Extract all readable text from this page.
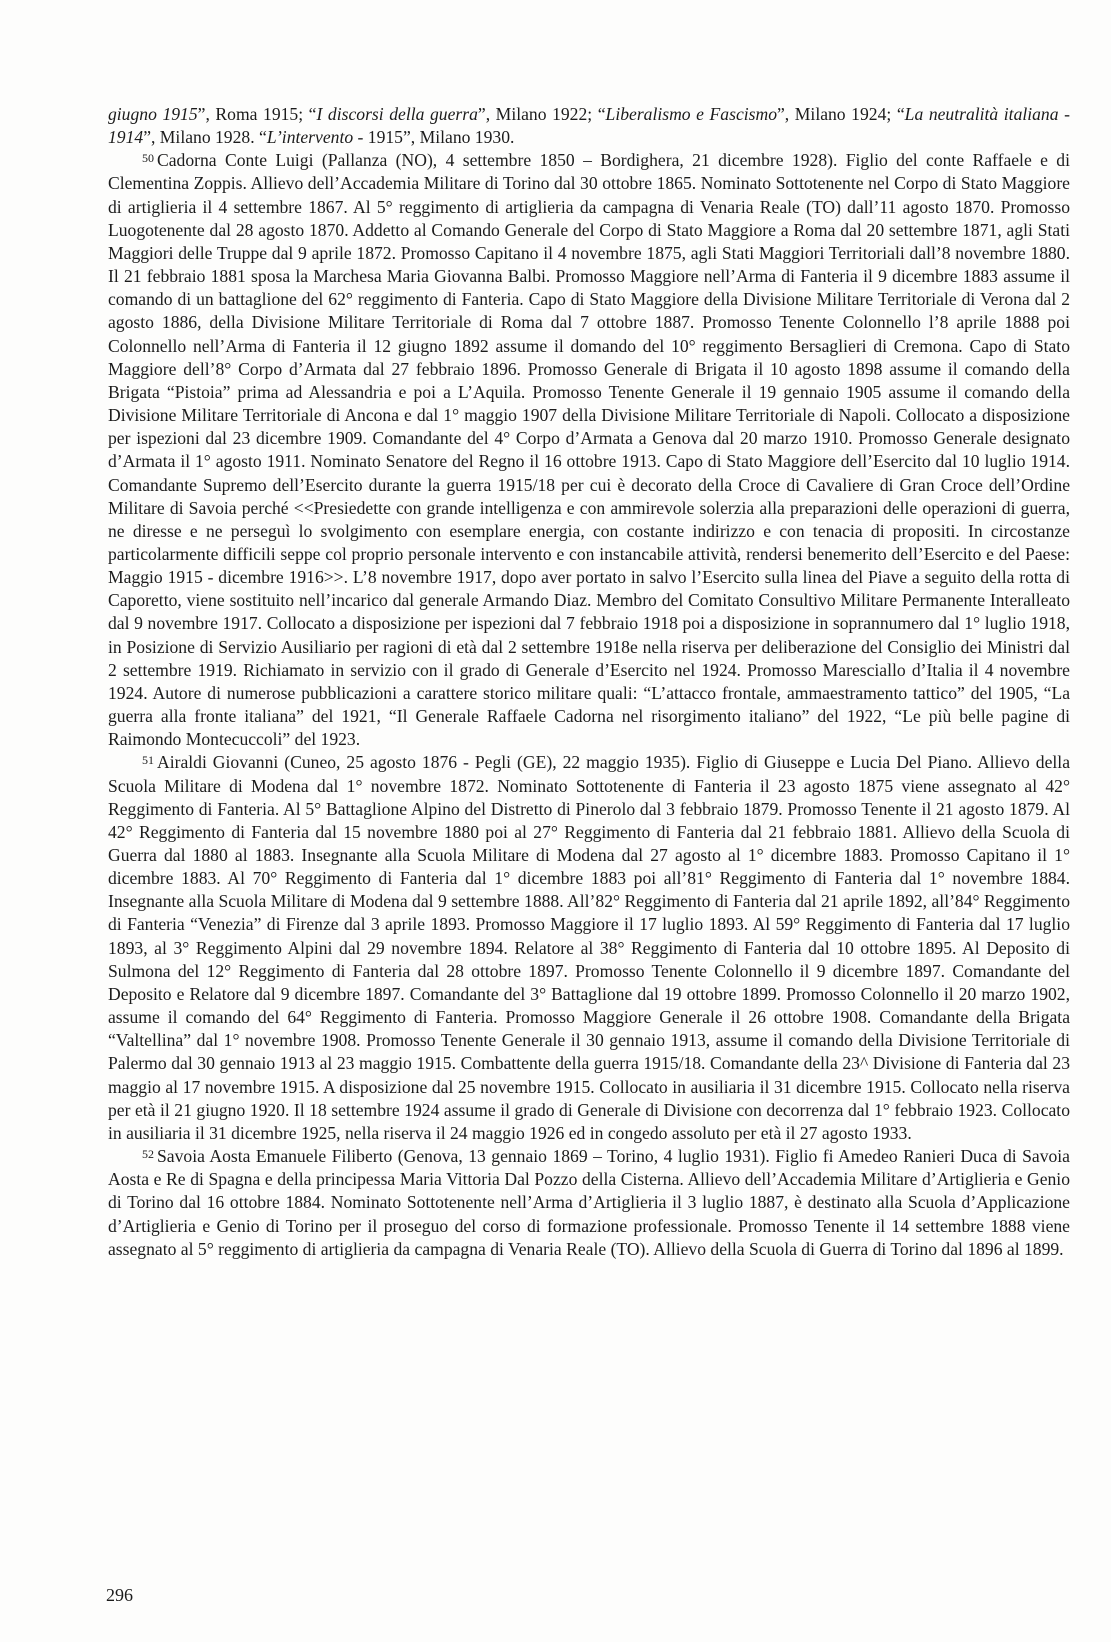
giugno 1915”, Roma 1915; “I discorsi della guerra”, Milano 1922; “Liberalismo e Fascismo”, Milano 1924; “La neutralità italiana - 1914”, Milano 1928. “L’intervento - 1915”, Milano 1930.

$^{50}$ Cadorna Conte Luigi (Pallanza (NO), 4 settembre 1850 – Bordighera, 21 dicembre 1928). Figlio del conte Raffaele e di Clementina Zoppis. Allievo dell’Accademia Militare di Torino dal 30 ottobre 1865. Nominato Sottotenente nel Corpo di Stato Maggiore di artiglieria il 4 settembre 1867. Al 5° reggimento di artiglieria da campagna di Venaria Reale (TO) dall’11 agosto 1870. Promosso Luogotenente dal 28 agosto 1870. Addetto al Comando Generale del Corpo di Stato Maggiore a Roma dal 20 settembre 1871, agli Stati Maggiori delle Truppe dal 9 aprile 1872. Promosso Capitano il 4 novembre 1875, agli Stati Maggiori Territoriali dall’8 novembre 1880. Il 21 febbraio 1881 sposa la Marchesa Maria Giovanna Balbi. Promosso Maggiore nell’Arma di Fanteria il 9 dicembre 1883 assume il comando di un battaglione del 62° reggimento di Fanteria. Capo di Stato Maggiore della Divisione Militare Territoriale di Verona dal 2 agosto 1886, della Divisione Militare Territoriale di Roma dal 7 ottobre 1887. Promosso Tenente Colonnello l’8 aprile 1888 poi Colonnello nell’Arma di Fanteria il 12 giugno 1892 assume il domando del 10° reggimento Bersaglieri di Cremona. Capo di Stato Maggiore dell’8° Corpo d’Armata dal 27 febbraio 1896. Promosso Generale di Brigata il 10 agosto 1898 assume il comando della Brigata “Pistoia” prima ad Alessandria e poi a L’Aquila. Promosso Tenente Generale il 19 gennaio 1905 assume il comando della Divisione Militare Territoriale di Ancona e dal 1° maggio 1907 della Divisione Militare Territoriale di Napoli. Collocato a disposizione per ispezioni dal 23 dicembre 1909. Comandante del 4° Corpo d’Armata a Genova dal 20 marzo 1910. Promosso Generale designato d’Armata il 1° agosto 1911. Nominato Senatore del Regno il 16 ottobre 1913. Capo di Stato Maggiore dell’Esercito dal 10 luglio 1914. Comandante Supremo dell’Esercito durante la guerra 1915/18 per cui è decorato della Croce di Cavaliere di Gran Croce dell’Ordine Militare di Savoia perché <<Presiedette con grande intelligenza e con ammirevole solerzia alla preparazioni delle operazioni di guerra, ne diresse e ne perseguì lo svolgimento con esemplare energia, con costante indirizzo e con tenacia di propositi. In circostanze particolarmente difficili seppe col proprio personale intervento e con instancabile attività, rendersi benemerito dell’Esercito e del Paese: Maggio 1915 - dicembre 1916>>. L’8 novembre 1917, dopo aver portato in salvo l’Esercito sulla linea del Piave a seguito della rotta di Caporetto, viene sostituito nell’incarico dal generale Armando Diaz. Membro del Comitato Consultivo Militare Permanente Interalleato dal 9 novembre 1917. Collocato a disposizione per ispezioni dal 7 febbraio 1918 poi a disposizione in soprannumero dal 1° luglio 1918, in Posizione di Servizio Ausiliario per ragioni di età dal 2 settembre 1918e nella riserva per deliberazione del Consiglio dei Ministri dal 2 settembre 1919. Richiamato in servizio con il grado di Generale d’Esercito nel 1924. Promosso Maresciallo d’Italia il 4 novembre 1924. Autore di numerose pubblicazioni a carattere storico militare quali: “L’attacco frontale, ammaestramento tattico” del 1905, “La guerra alla fronte italiana” del 1921, “Il Generale Raffaele Cadorna nel risorgimento italiano” del 1922, “Le più belle pagine di Raimondo Montecuccoli” del 1923.

$^{51}$ Airaldi Giovanni (Cuneo, 25 agosto 1876 - Pegli (GE), 22 maggio 1935). Figlio di Giuseppe e Lucia Del Piano. Allievo della Scuola Militare di Modena dal 1° novembre 1872. Nominato Sottotenente di Fanteria il 23 agosto 1875 viene assegnato al 42° Reggimento di Fanteria. Al 5° Battaglione Alpino del Distretto di Pinerolo dal 3 febbraio 1879. Promosso Tenente il 21 agosto 1879. Al 42° Reggimento di Fanteria dal 15 novembre 1880 poi al 27° Reggimento di Fanteria dal 21 febbraio 1881. Allievo della Scuola di Guerra dal 1880 al 1883. Insegnante alla Scuola Militare di Modena dal 27 agosto al 1° dicembre 1883. Promosso Capitano il 1° dicembre 1883. Al 70° Reggimento di Fanteria dal 1° dicembre 1883 poi all’81° Reggimento di Fanteria dal 1° novembre 1884. Insegnante alla Scuola Militare di Modena dal 9 settembre 1888. All’82° Reggimento di Fanteria dal 21 aprile 1892, all’84° Reggimento di Fanteria “Venezia” di Firenze dal 3 aprile 1893. Promosso Maggiore il 17 luglio 1893. Al 59° Reggimento di Fanteria dal 17 luglio 1893, al 3° Reggimento Alpini dal 29 novembre 1894. Relatore al 38° Reggimento di Fanteria dal 10 ottobre 1895. Al Deposito di Sulmona del 12° Reggimento di Fanteria dal 28 ottobre 1897. Promosso Tenente Colonnello il 9 dicembre 1897. Comandante del Deposito e Relatore dal 9 dicembre 1897. Comandante del 3° Battaglione dal 19 ottobre 1899. Promosso Colonnello il 20 marzo 1902, assume il comando del 64° Reggimento di Fanteria. Promosso Maggiore Generale il 26 ottobre 1908. Comandante della Brigata “Valtellina” dal 1° novembre 1908. Promosso Tenente Generale il 30 gennaio 1913, assume il comando della Divisione Territoriale di Palermo dal 30 gennaio 1913 al 23 maggio 1915. Combattente della guerra 1915/18. Comandante della 23^ Divisione di Fanteria dal 23 maggio al 17 novembre 1915. A disposizione dal 25 novembre 1915. Collocato in ausiliaria il 31 dicembre 1915. Collocato nella riserva per età il 21 giugno 1920. Il 18 settembre 1924 assume il grado di Generale di Divisione con decorrenza dal 1° febbraio 1923. Collocato in ausiliaria il 31 dicembre 1925, nella riserva il 24 maggio 1926 ed in congedo assoluto per età il 27 agosto 1933.

$^{52}$ Savoia Aosta Emanuele Filiberto (Genova, 13 gennaio 1869 – Torino, 4 luglio 1931). Figlio fi Amedeo Ranieri Duca di Savoia Aosta e Re di Spagna e della principessa Maria Vittoria Dal Pozzo della Cisterna. Allievo dell’Accademia Militare d’Artiglieria e Genio di Torino dal 16 ottobre 1884. Nominato Sottotenente nell’Arma d’Artiglieria il 3 luglio 1887, è destinato alla Scuola d’Applicazione d’Artiglieria e Genio di Torino per il proseguo del corso di formazione professionale. Promosso Tenente il 14 settembre 1888 viene assegnato al 5° reggimento di artiglieria da campagna di Venaria Reale (TO). Allievo della Scuola di Guerra di Torino dal 1896 al 1899.

296
